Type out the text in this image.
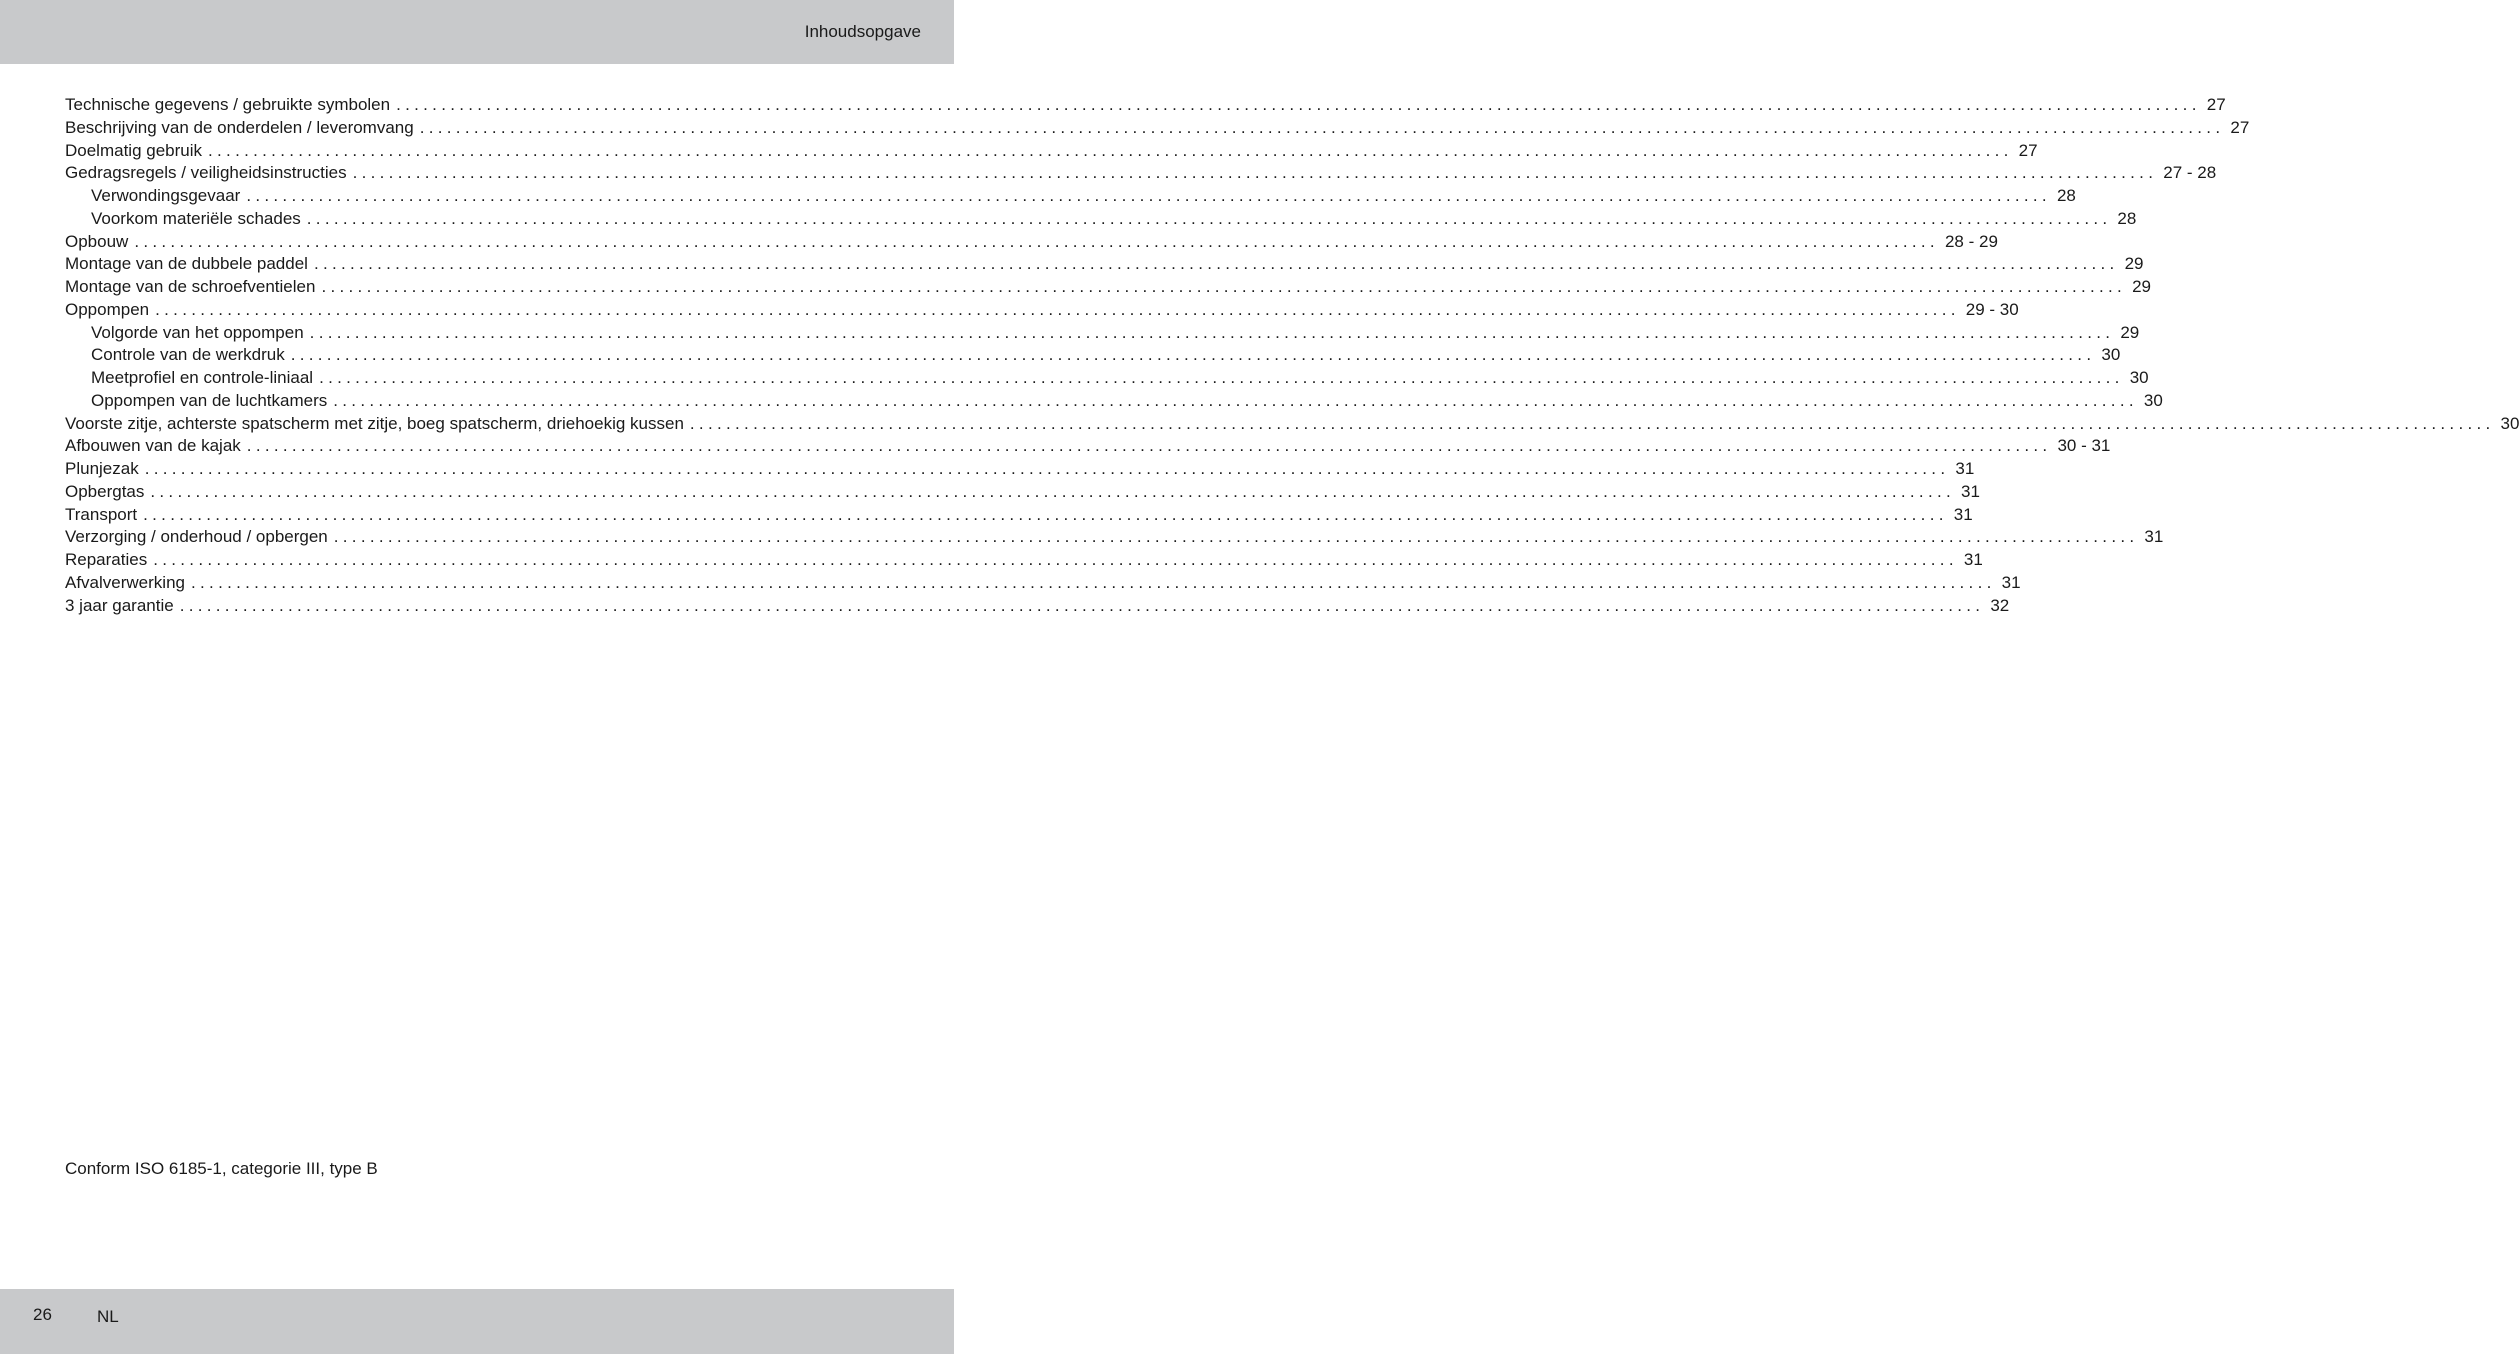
Inhoudsopgave
Technische gegevens / gebruikte symbolen ........................................................................................................................................................................................................ 27
Beschrijving van de onderdelen / leveromvang ........................................................................................................................................................................................................ 27
Doelmatig gebruik ........................................................................................................................................................................................................ 27
Gedragsregels / veiligheidsinstructies ........................................................................................................................................................................................................ 27 - 28
Verwondingsgevaar ........................................................................................................................................................................................................ 28
Voorkom materiële schades ........................................................................................................................................................................................................ 28
Opbouw ........................................................................................................................................................................................................ 28 - 29
Montage van de dubbele paddel ........................................................................................................................................................................................................ 29
Montage van de schroefventielen ........................................................................................................................................................................................................ 29
Oppompen ........................................................................................................................................................................................................ 29 - 30
Volgorde van het oppompen ........................................................................................................................................................................................................ 29
Controle van de werkdruk ........................................................................................................................................................................................................ 30
Meetprofiel en controle-liniaal ........................................................................................................................................................................................................ 30
Oppompen van de luchtkamers ........................................................................................................................................................................................................ 30
Voorste zitje, achterste spatscherm met zitje, boeg spatscherm, driehoekig kussen ........................................................................................................................................................................................................ 30
Afbouwen van de kajak ........................................................................................................................................................................................................ 30 - 31
Plunjezak ........................................................................................................................................................................................................ 31
Opbergtas ........................................................................................................................................................................................................ 31
Transport ........................................................................................................................................................................................................ 31
Verzorging / onderhoud / opbergen ........................................................................................................................................................................................................ 31
Reparaties ........................................................................................................................................................................................................ 31
Afvalverwerking ........................................................................................................................................................................................................ 31
3 jaar garantie ........................................................................................................................................................................................................ 32
Conform ISO 6185-1, categorie III, type B
26	NL
